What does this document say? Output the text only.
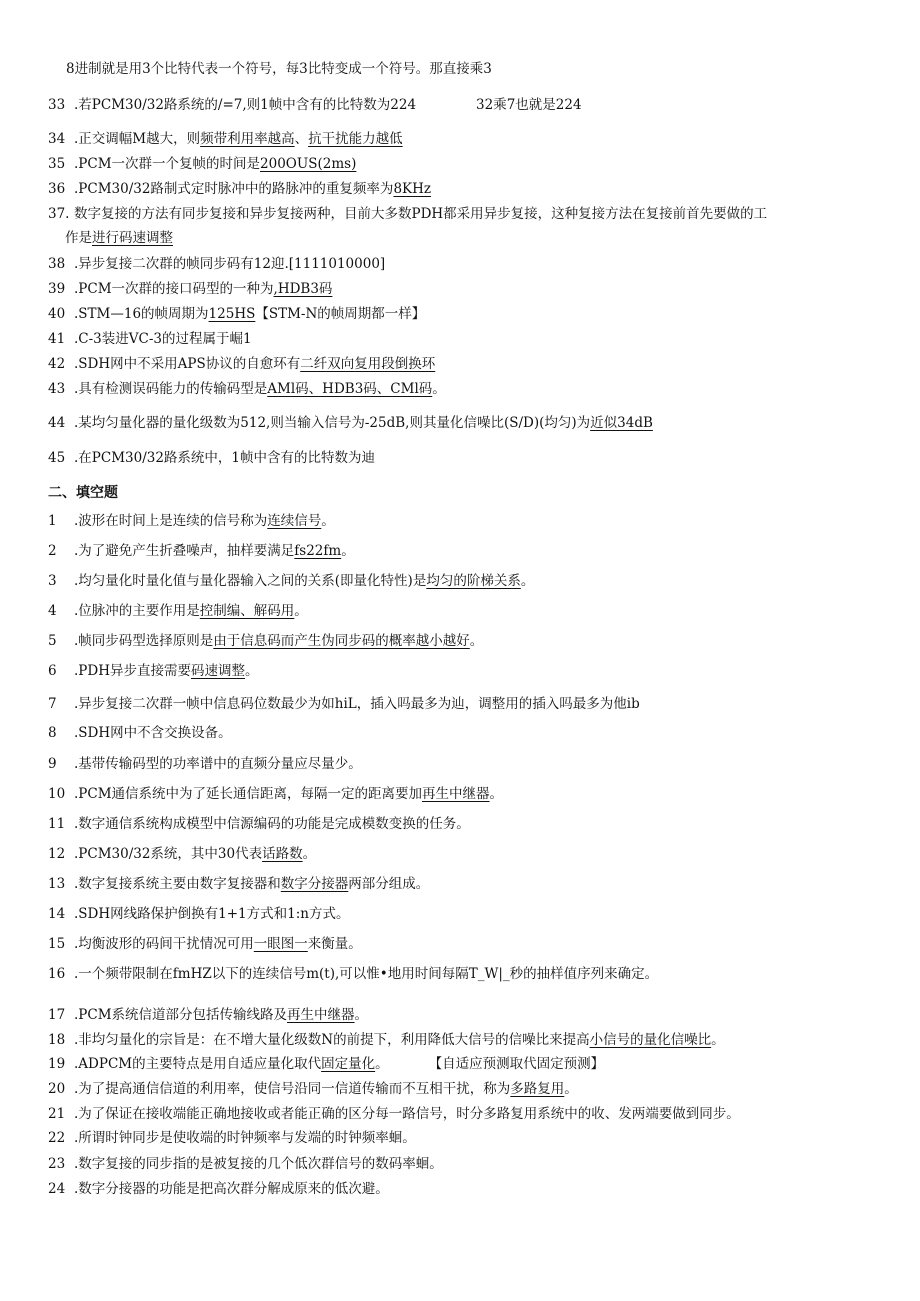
8进制就是用3个比特代表一个符号，每3比特变成一个符号。那直接乘3
33 .若PCM30/32路系统的/=7,则1帧中含有的比特数为224	32乘7也就是224
34 .正交调幅M越大，则频带利用率越高、抗干扰能力越低
35 .PCM一次群一个复帧的时间是200OUS(2ms)
36 .PCM30/32路制式定时脉冲中的路脉冲的重复频率为8KHz
37. 数字复接的方法有同步复接和异步复接两种，目前大多数PDH都采用异步复接，这种复接方法在复接前首先要做的工
作是进行码速调整
38 .异步复接二次群的帧同步码有12迎.[1111010000]
39 .PCM一次群的接口码型的一种为,HDB3码
40 .STM—16的帧周期为125HS【STM-N的帧周期都一样】
41 .C-3装进VC-3的过程属于崛1
42 .SDH网中不采用APS协议的自愈环有二纤双向复用段倒换环
43 .具有检测误码能力的传输码型是AMl码、HDB3码、CMl码。
44 .某均匀量化器的量化级数为512,则当输入信号为-25dB,则其量化信噪比(S/D)(均匀)为近似34dB
45 .在PCM30/32路系统中，1帧中含有的比特数为迪
二、填空题
1 .波形在时间上是连续的信号称为连续信号。
2 .为了避免产生折叠噪声，抽样要满足fs22fm。
3 .均匀量化时量化值与量化器输入之间的关系(即量化特性)是均匀的阶梯关系。
4 .位脉冲的主要作用是控制编、解码用。
5 .帧同步码型选择原则是由于信息码而产生伪同步码的概率越小越好。
6 .PDH异步直接需要码速调整。
7 .异步复接二次群一帧中信息码位数最少为如hiL，插入吗最多为辿，调整用的插入吗最多为他ib
8 .SDH网中不含交换设备。
9 .基带传输码型的功率谱中的直频分量应尽量少。
10 .PCM通信系统中为了延长通信距离，每隔一定的距离要加再生中继器。
11 .数字通信系统构成模型中信源编码的功能是完成模数变换的任务。
12 .PCM30/32系统，其中30代表话路数。
13 .数字复接系统主要由数字复接器和数字分接器两部分组成。
14 .SDH网线路保护倒换有1+1方式和1:n方式。
15 .均衡波形的码间干扰情况可用一眼图一来衡量。
16 .一个频带限制在fmHZ以下的连续信号m(t),可以惟•地用时间每隔T_W|_秒的抽样值序列来确定。
17 .PCM系统信道部分包括传输线路及再生中继器。
18 .非均匀量化的宗旨是：在不增大量化级数N的前提下，利用降低大信号的信噪比来提高小信号的量化信噪比。
19 .ADPCM的主要特点是用自适应量化取代固定量化。	【自适应预测取代固定预测】
20 .为了提高通信信道的利用率，使信号沿同一信道传输而不互相干扰，称为多路复用。
21 .为了保证在接收端能正确地接收或者能正确的区分每一路信号，时分多路复用系统中的收、发两端要做到同步。
22 .所谓时钟同步是使收端的时钟频率与发端的时钟频率蛔。
23 .数字复接的同步指的是被复接的几个低次群信号的数码率蛔。
24 .数字分接器的功能是把高次群分解成原来的低次避。
